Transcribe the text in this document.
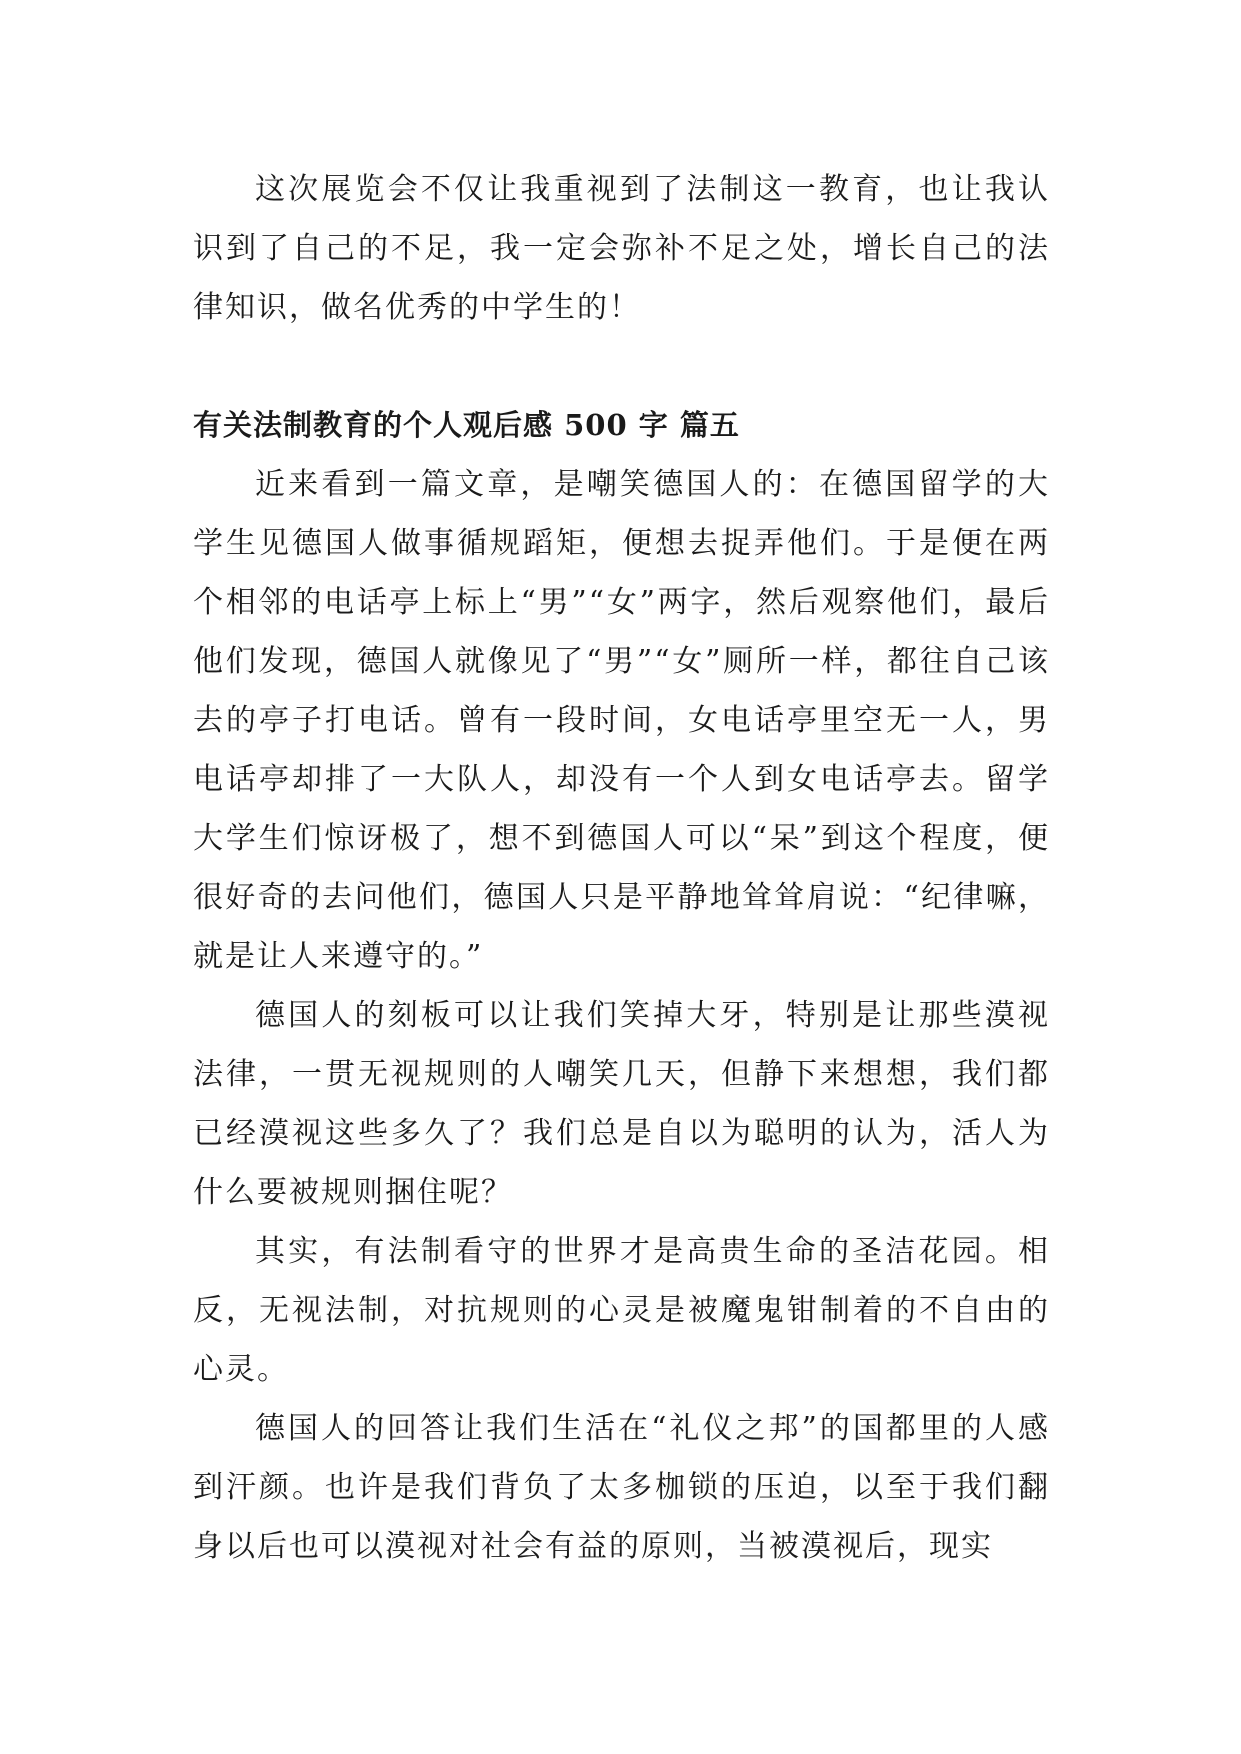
这次展览会不仅让我重视到了法制这一教育，也让我认识到了自己的不足，我一定会弥补不足之处，增长自己的法律知识，做名优秀的中学生的！

有关法制教育的个人观后感 500 字 篇五

近来看到一篇文章，是嘲笑德国人的：在德国留学的大学生见德国人做事循规蹈矩，便想去捉弄他们。于是便在两个相邻的电话亭上标上“男”“女”两字，然后观察他们，最后他们发现，德国人就像见了“男”“女”厕所一样，都往自己该去的亭子打电话。曾有一段时间，女电话亭里空无一人，男电话亭却排了一大队人，却没有一个人到女电话亭去。留学大学生们惊讶极了，想不到德国人可以“呆”到这个程度，便很好奇的去问他们，德国人只是平静地耸耸肩说：“纪律嘛，就是让人来遵守的。”

德国人的刻板可以让我们笑掉大牙，特别是让那些漠视法律，一贯无视规则的人嘲笑几天，但静下来想想，我们都已经漠视这些多久了？我们总是自以为聪明的认为，活人为什么要被规则捆住呢？

其实，有法制看守的世界才是高贵生命的圣洁花园。相反，无视法制，对抗规则的心灵是被魔鬼钳制着的不自由的心灵。

德国人的回答让我们生活在“礼仪之邦”的国都里的人感到汗颜。也许是我们背负了太多枷锁的压迫，以至于我们翻身以后也可以漠视对社会有益的原则，当被漠视后，现实
